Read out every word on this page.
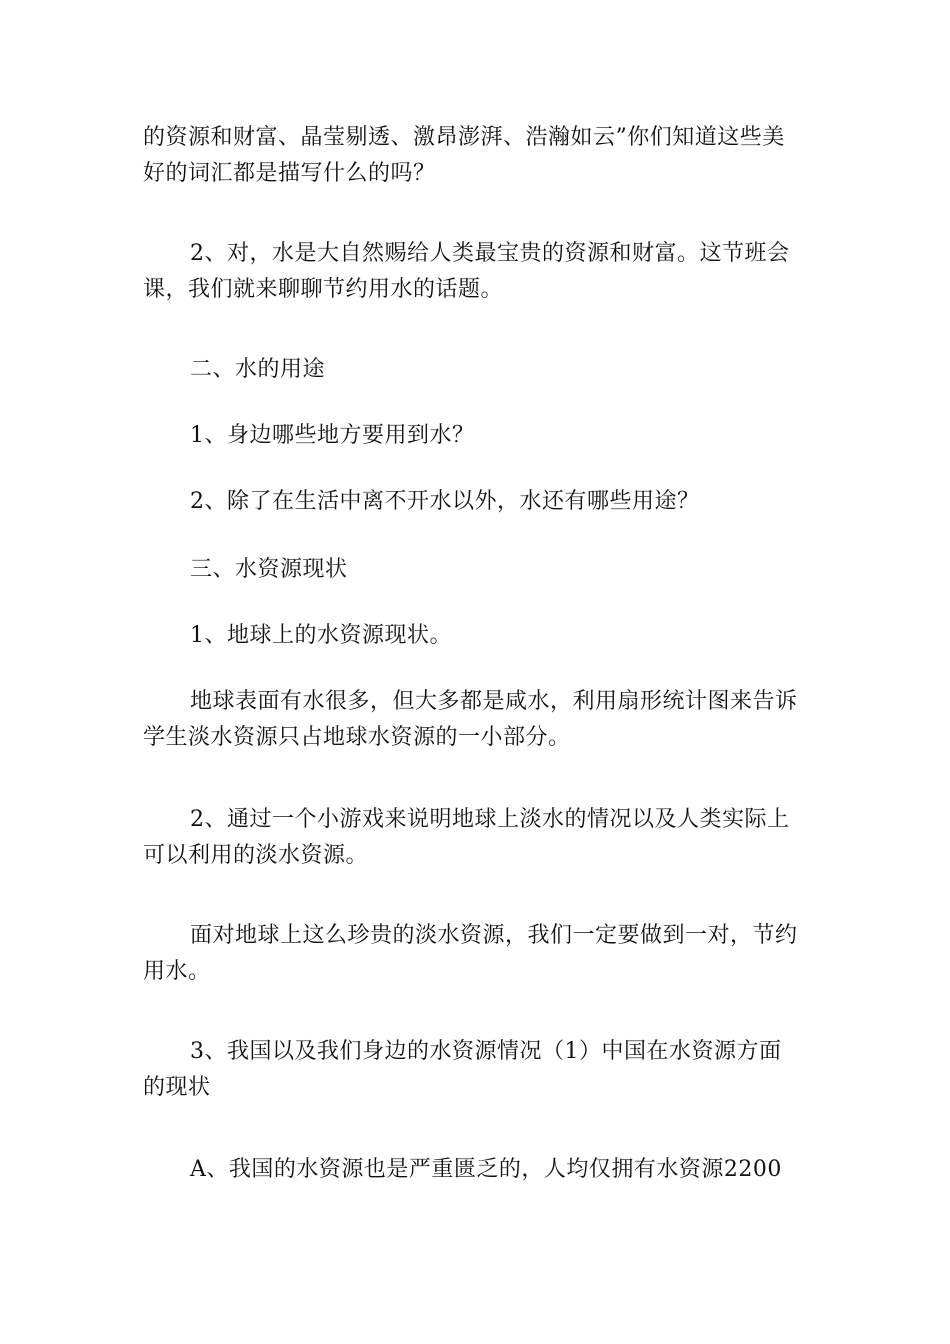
的资源和财富、晶莹剔透、激昂澎湃、浩瀚如云”你们知道这些美好的词汇都是描写什么的吗？

2、对，水是大自然赐给人类最宝贵的资源和财富。这节班会课，我们就来聊聊节约用水的话题。

二、水的用途

1、身边哪些地方要用到水？

2、除了在生活中离不开水以外，水还有哪些用途？

三、水资源现状

1、地球上的水资源现状。

地球表面有水很多，但大多都是咸水，利用扇形统计图来告诉学生淡水资源只占地球水资源的一小部分。

2、通过一个小游戏来说明地球上淡水的情况以及人类实际上可以利用的淡水资源。

面对地球上这么珍贵的淡水资源，我们一定要做到一对，节约用水。

3、我国以及我们身边的水资源情况（1）中国在水资源方面的现状

A、我国的水资源也是严重匮乏的，人均仅拥有水资源2200
